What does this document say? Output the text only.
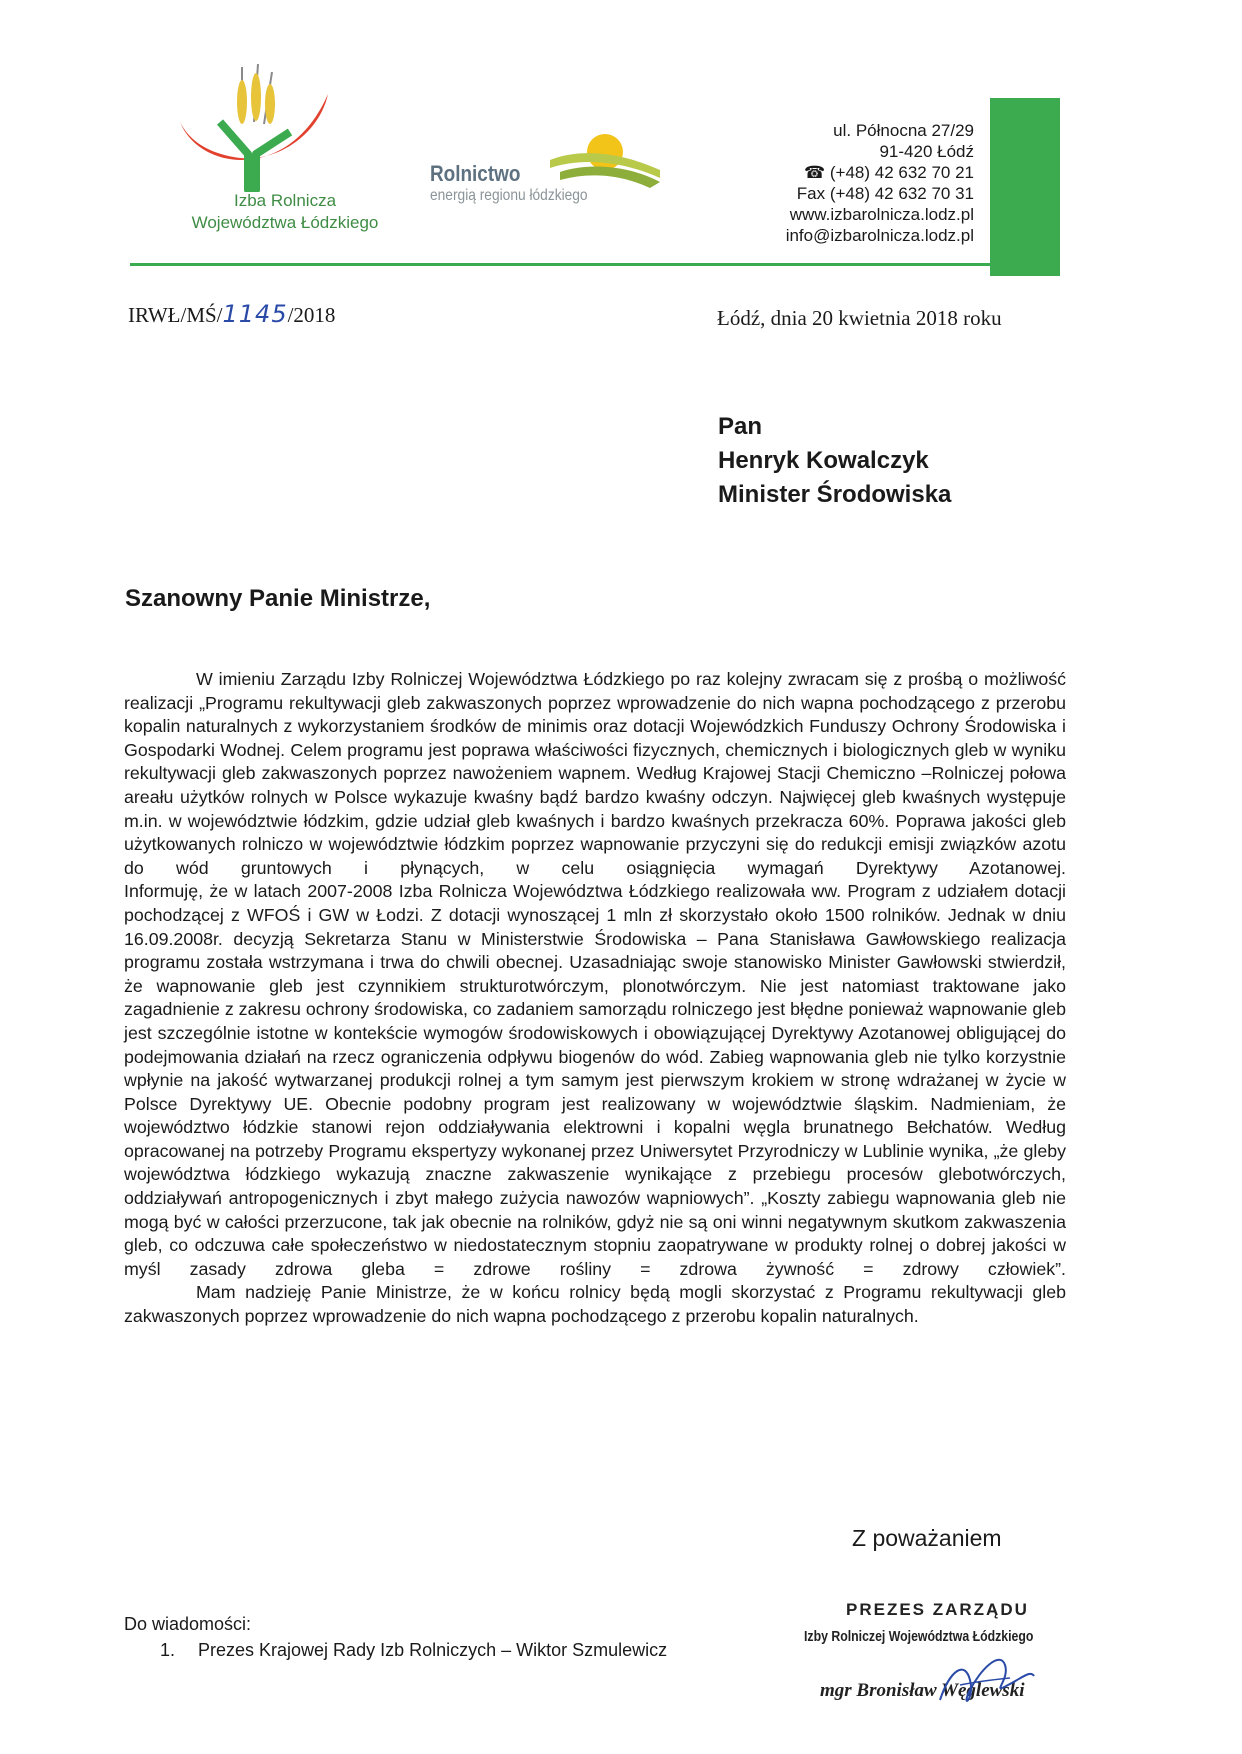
Izba Rolnicza
Województwa Łódzkiego
Rolnictwo
energią regionu łódzkiego
ul. Północna 27/29
91-420 Łódź
☎ (+48) 42 632 70 21
Fax (+48) 42 632 70 31
www.izbarolnicza.lodz.pl
info@izbarolnicza.lodz.pl
IRWŁ/MŚ/1145/2018	Łódź, dnia 20 kwietnia 2018 roku
Pan
Henryk Kowalczyk
Minister Środowiska
Szanowny Panie Ministrze,

W imieniu Zarządu Izby Rolniczej Województwa Łódzkiego po raz kolejny zwracam się z prośbą o możliwość realizacji „Programu rekultywacji gleb zakwaszonych poprzez wprowadzenie do nich wapna pochodzącego z przerobu kopalin naturalnych z wykorzystaniem środków de minimis oraz dotacji Wojewódzkich Funduszy Ochrony Środowiska i Gospodarki Wodnej. Celem programu jest poprawa właściwości fizycznych, chemicznych i biologicznych gleb w wyniku rekultywacji gleb zakwaszonych poprzez nawożeniem wapnem. Według Krajowej Stacji Chemiczno –Rolniczej połowa areału użytków rolnych w Polsce wykazuje kwaśny bądź bardzo kwaśny odczyn. Najwięcej gleb kwaśnych występuje m.in. w województwie łódzkim, gdzie udział gleb kwaśnych i bardzo kwaśnych przekracza 60%. Poprawa jakości gleb użytkowanych rolniczo w województwie łódzkim poprzez wapnowanie przyczyni się do redukcji emisji związków azotu do wód gruntowych i płynących, w celu osiągnięcia wymagań Dyrektywy Azotanowej.

Informuję, że w latach 2007-2008 Izba Rolnicza Województwa Łódzkiego realizowała ww. Program z udziałem dotacji pochodzącej z WFOŚ i GW w Łodzi. Z dotacji wynoszącej 1 mln zł skorzystało około 1500 rolników. Jednak w dniu 16.09.2008r. decyzją Sekretarza Stanu w Ministerstwie Środowiska – Pana Stanisława Gawłowskiego realizacja programu została wstrzymana i trwa do chwili obecnej. Uzasadniając swoje stanowisko Minister Gawłowski stwierdził, że wapnowanie gleb jest czynnikiem strukturotwórczym, plonotwórczym. Nie jest natomiast traktowane jako zagadnienie z zakresu ochrony środowiska, co zadaniem samorządu rolniczego jest błędne ponieważ wapnowanie gleb jest szczególnie istotne w kontekście wymogów środowiskowych i obowiązującej Dyrektywy Azotanowej obligującej do podejmowania działań na rzecz ograniczenia odpływu biogenów do wód. Zabieg wapnowania gleb nie tylko korzystnie wpłynie na jakość wytwarzanej produkcji rolnej a tym samym jest pierwszym krokiem w stronę wdrażanej w życie w Polsce Dyrektywy UE. Obecnie podobny program jest realizowany w województwie śląskim. Nadmieniam, że województwo łódzkie stanowi rejon oddziaływania elektrowni i kopalni węgla brunatnego Bełchatów. Według opracowanej na potrzeby Programu ekspertyzy wykonanej przez Uniwersytet Przyrodniczy w Lublinie wynika, „że gleby województwa łódzkiego wykazują znaczne zakwaszenie wynikające z przebiegu procesów glebotwórczych, oddziaływań antropogenicznych i zbyt małego zużycia nawozów wapniowych”. „Koszty zabiegu wapnowania gleb nie mogą być w całości przerzucone, tak jak obecnie na rolników, gdyż nie są oni winni negatywnym skutkom zakwaszenia gleb, co odczuwa całe społeczeństwo w niedostatecznym stopniu zaopatrywane w produkty rolnej o dobrej jakości w myśl zasady zdrowa gleba = zdrowe rośliny = zdrowa żywność = zdrowy człowiek”.

Mam nadzieję Panie Ministrze, że w końcu rolnicy będą mogli skorzystać z Programu rekultywacji gleb zakwaszonych poprzez wprowadzenie do nich wapna pochodzącego z przerobu kopalin naturalnych.

Z poważaniem
Do wiadomości:
1. Prezes Krajowej Rady Izb Rolniczych – Wiktor Szmulewicz
PREZES ZARZĄDU
Izby Rolniczej Województwa Łódzkiego
mgr Bronisław Węglewski
